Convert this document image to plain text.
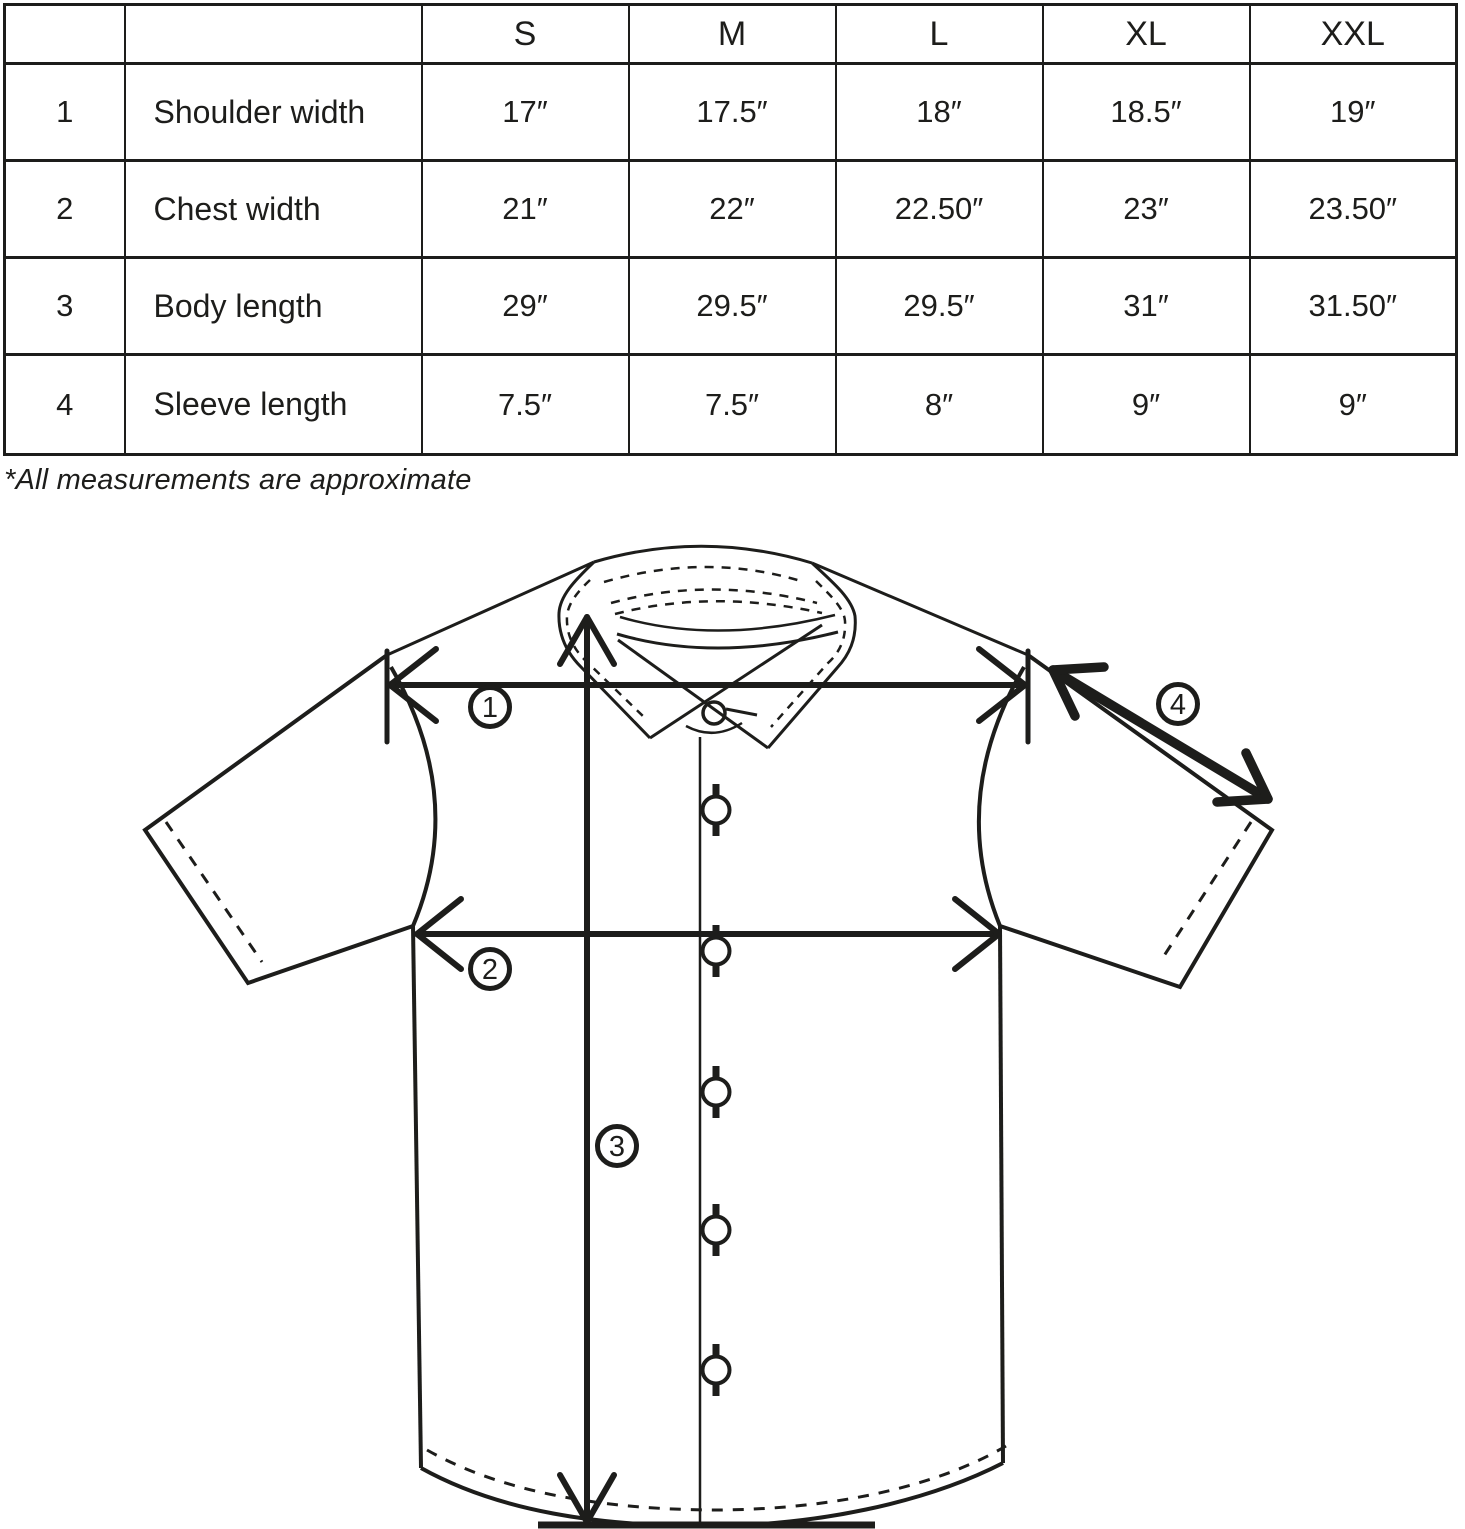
		S	M	L	XL	XXL
1	Shoulder width	17″	17.5″	18″	18.5″	19″
2	Chest width	21″	22″	22.50″	23″	23.50″
3	Body length	29″	29.5″	29.5″	31″	31.50″
4	Sleeve length	7.5″	7.5″	8″	9″	9″
*All measurements are approximate
1
2
3
4
